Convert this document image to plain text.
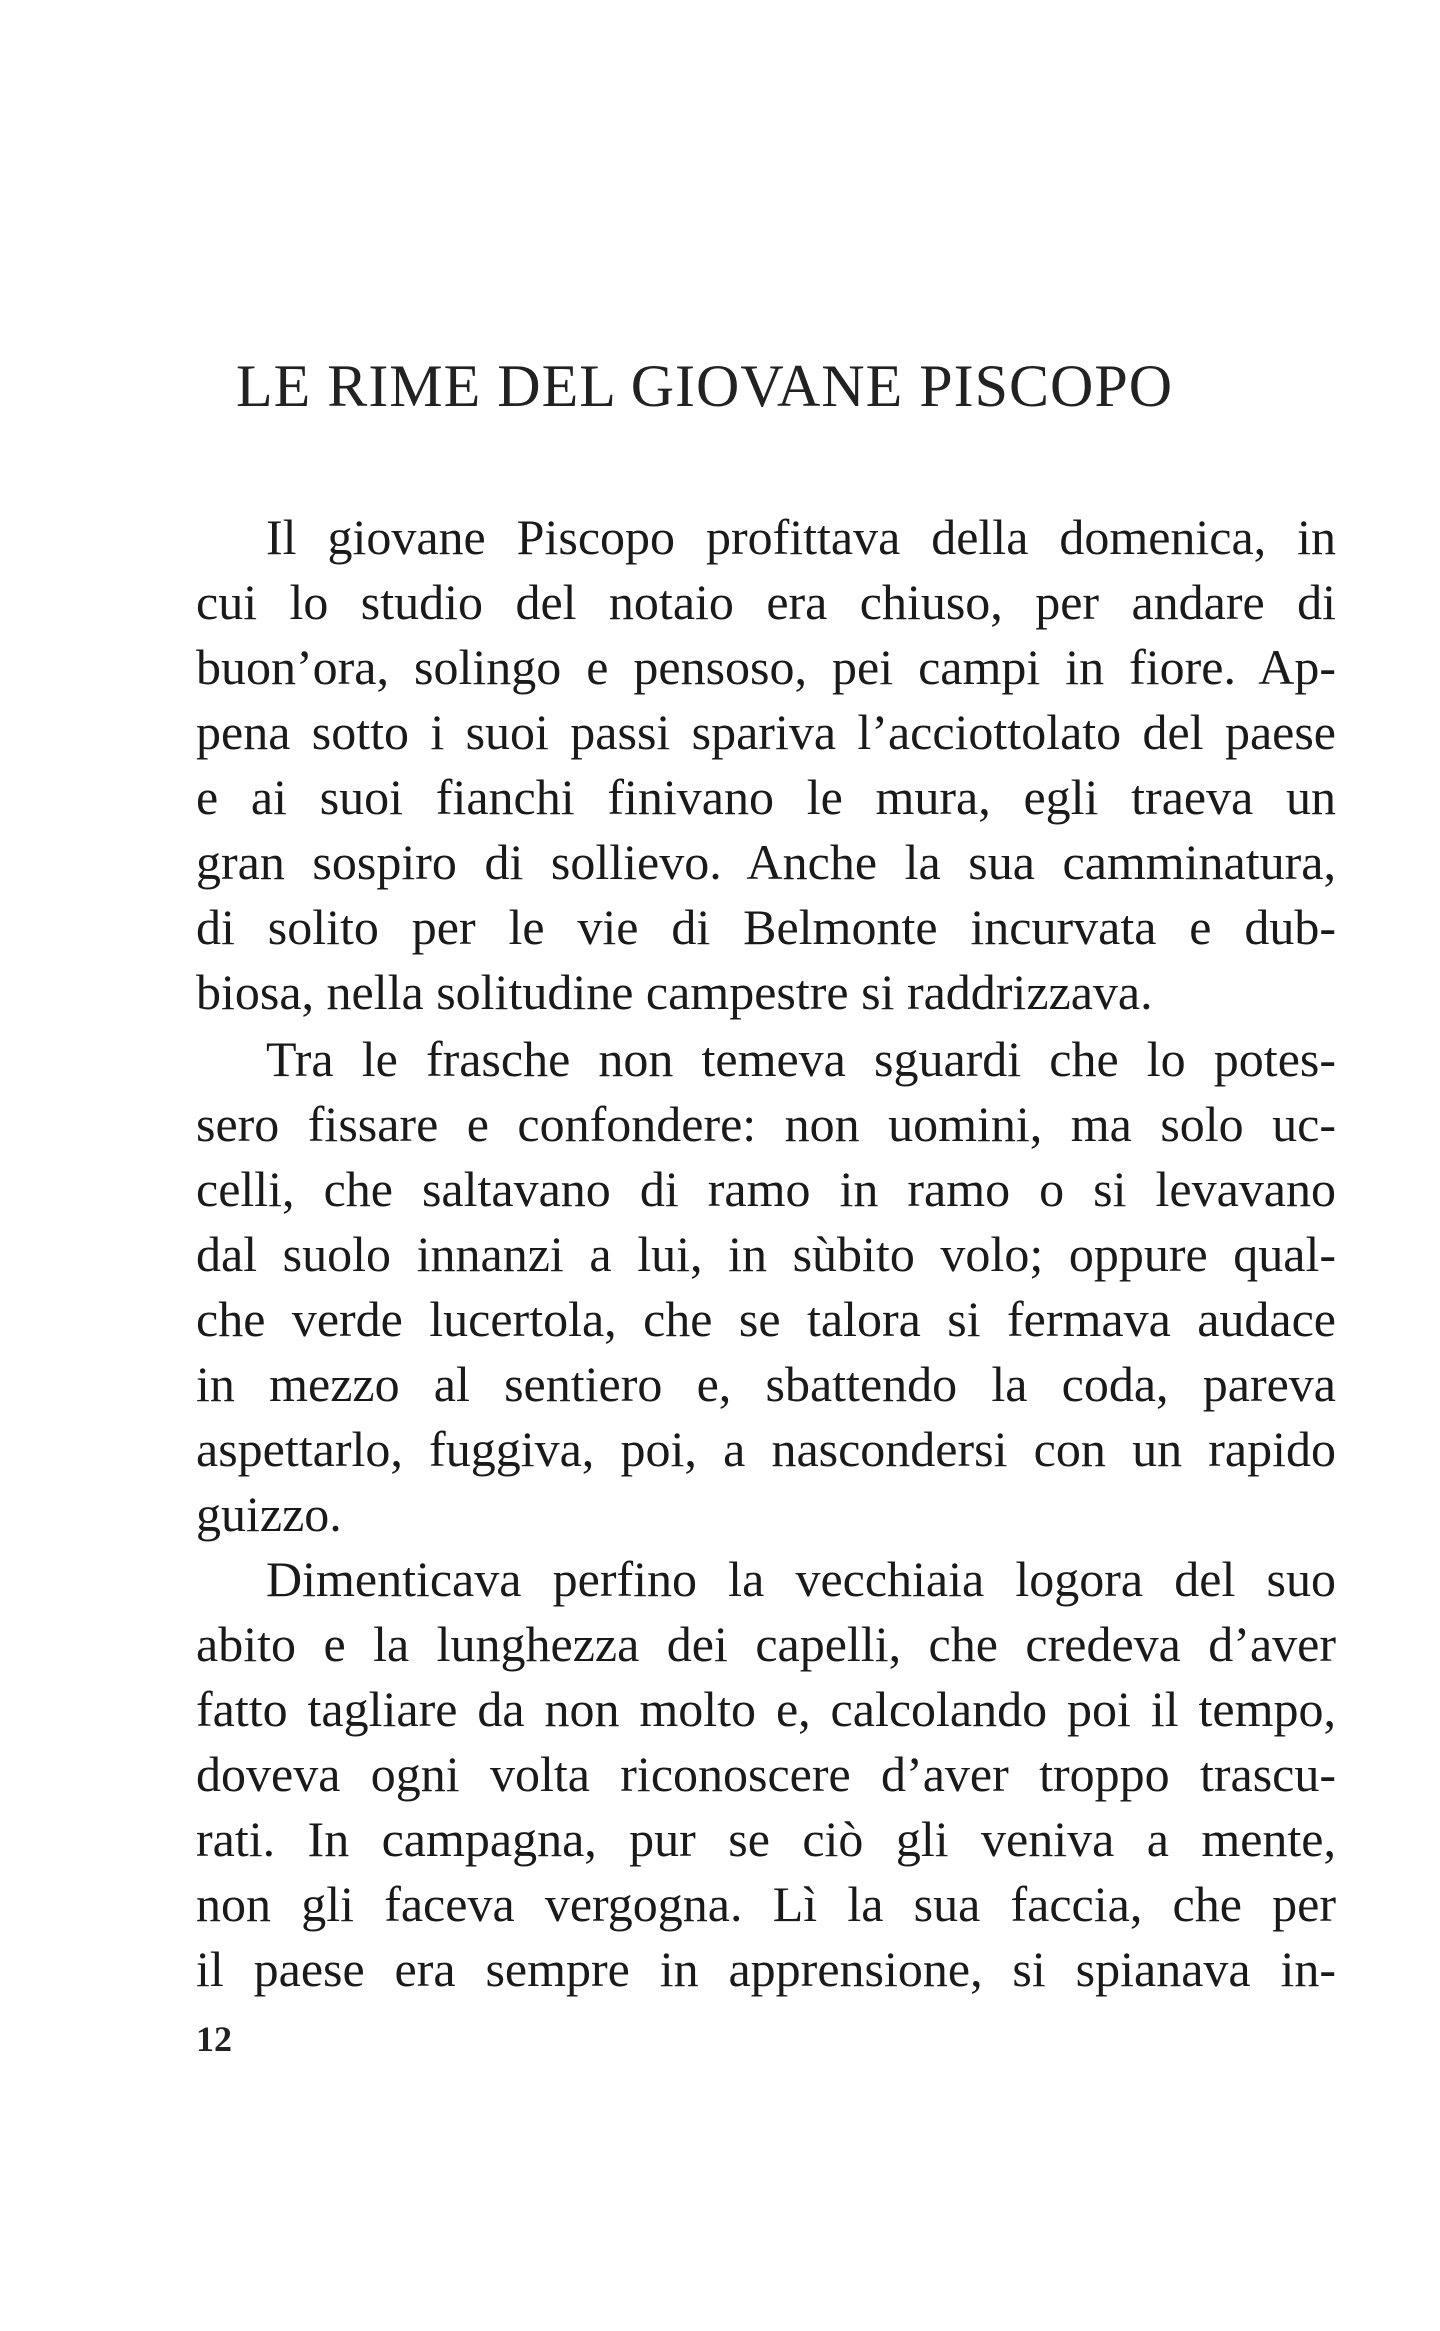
LE RIME DEL GIOVANE PISCOPO
Il giovane Piscopo profittava della domenica, in
cui lo studio del notaio era chiuso, per andare di
buon’ora, solingo e pensoso, pei campi in fiore. Ap-
pena sotto i suoi passi spariva l’acciottolato del paese
e ai suoi fianchi finivano le mura, egli traeva un
gran sospiro di sollievo. Anche la sua camminatura,
di solito per le vie di Belmonte incurvata e dub-
biosa, nella solitudine campestre si raddrizzava.
Tra le frasche non temeva sguardi che lo potes-
sero fissare e confondere: non uomini, ma solo uc-
celli, che saltavano di ramo in ramo o si levavano
dal suolo innanzi a lui, in sùbito volo; oppure qual-
che verde lucertola, che se talora si fermava audace
in mezzo al sentiero e, sbattendo la coda, pareva
aspettarlo, fuggiva, poi, a nascondersi con un rapido
guizzo.
Dimenticava perfino la vecchiaia logora del suo
abito e la lunghezza dei capelli, che credeva d’aver
fatto tagliare da non molto e, calcolando poi il tempo,
doveva ogni volta riconoscere d’aver troppo trascu-
rati. In campagna, pur se ciò gli veniva a mente,
non gli faceva vergogna. Lì la sua faccia, che per
il paese era sempre in apprensione, si spianava in-
12
